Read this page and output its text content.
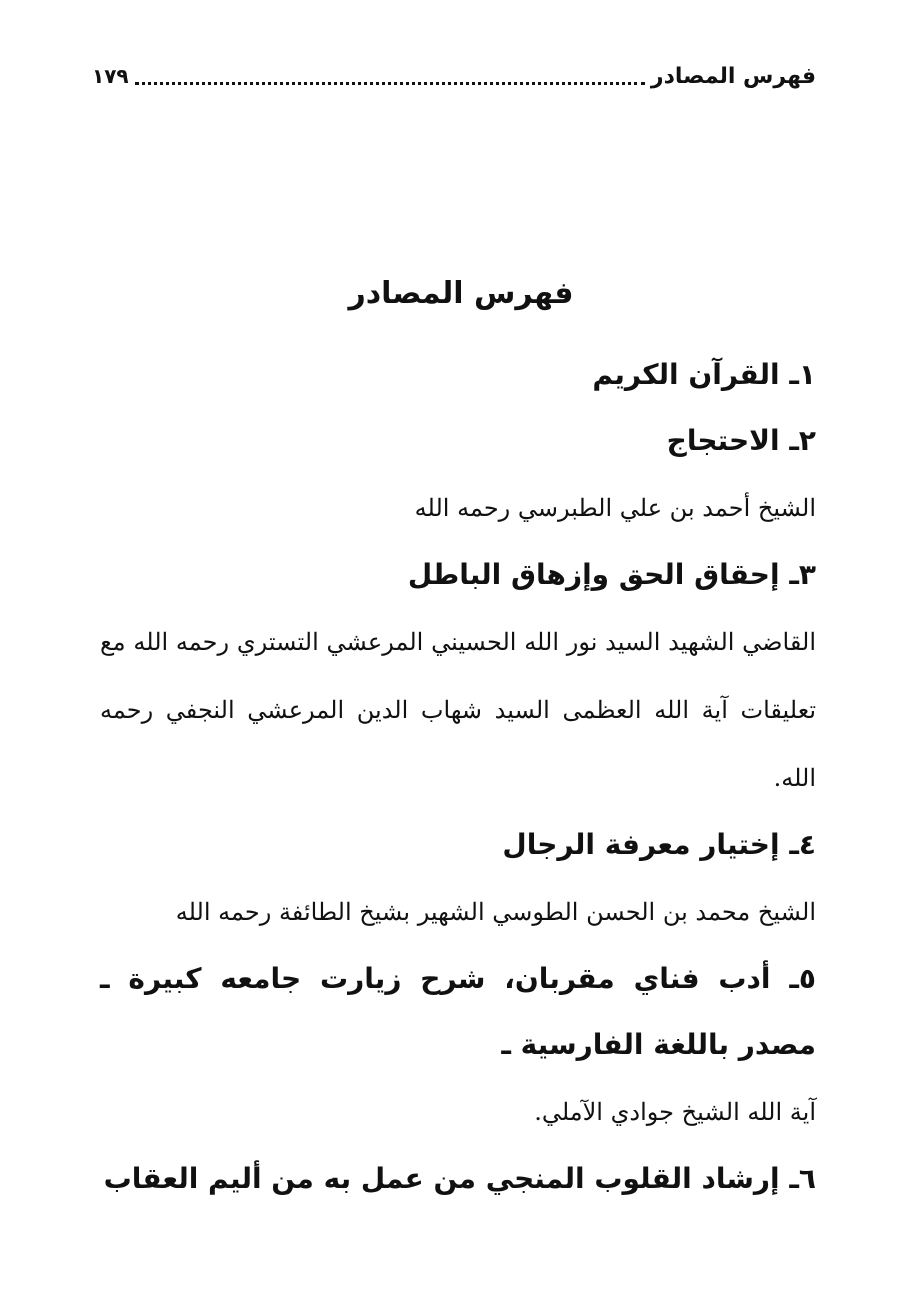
فهرس المصادر
١٧٩
فهرس المصادر

١ـ القرآن الكريم

٢ـ الاحتجاج

الشيخ أحمد بن علي الطبرسي رحمه الله

٣ـ إحقاق الحق وإزهاق الباطل

القاضي الشهيد السيد نور الله الحسيني المرعشي التستري رحمه الله مع تعليقات آية الله العظمى السيد شهاب الدين المرعشي النجفي رحمه الله.

٤ـ إختيار معرفة الرجال

الشيخ محمد بن الحسن الطوسي الشهير بشيخ الطائفة رحمه الله

٥ـ أدب فناي مقربان، شرح زيارت جامعه كبيرة ـ مصدر باللغة الفارسية ـ

آية الله الشيخ جوادي الآملي.

٦ـ إرشاد القلوب المنجي من عمل به من أليم العقاب
